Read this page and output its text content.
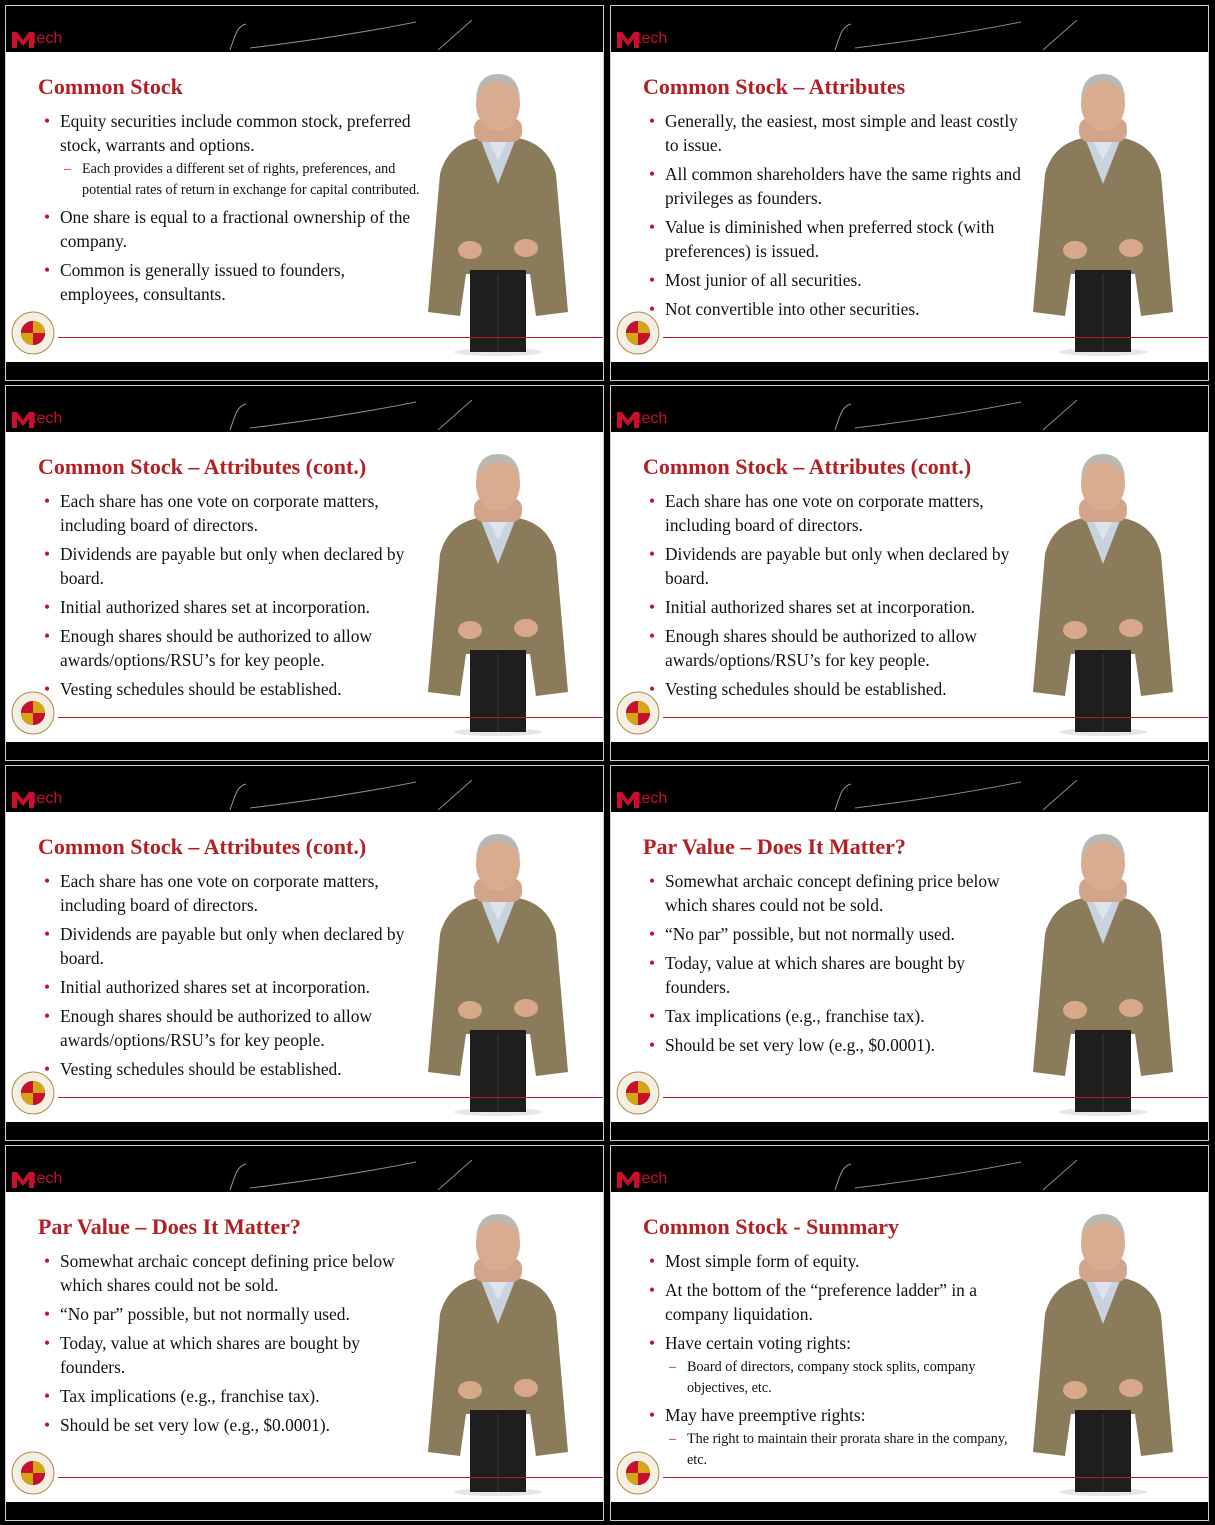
tech
Common Stock
• Equity securities include common stock, preferred stock, warrants and options.
– Each provides a different set of rights, preferences, and potential rates of return in exchange for capital contributed.
• One share is equal to a fractional ownership of the company.
• Common is generally issued to founders, employees, consultants.
tech
Common Stock – Attributes
• Generally, the easiest, most simple and least costly to issue.
• All common shareholders have the same rights and privileges as founders.
• Value is diminished when preferred stock (with preferences) is issued.
• Most junior of all securities.
• Not convertible into other securities.
tech
Common Stock – Attributes (cont.)
• Each share has one vote on corporate matters, including board of directors.
• Dividends are payable but only when declared by board.
• Initial authorized shares set at incorporation.
• Enough shares should be authorized to allow awards/options/RSU’s for key people.
• Vesting schedules should be established.
tech
Common Stock – Attributes (cont.)
• Each share has one vote on corporate matters, including board of directors.
• Dividends are payable but only when declared by board.
• Initial authorized shares set at incorporation.
• Enough shares should be authorized to allow awards/options/RSU’s for key people.
• Vesting schedules should be established.
tech
Common Stock – Attributes (cont.)
• Each share has one vote on corporate matters, including board of directors.
• Dividends are payable but only when declared by board.
• Initial authorized shares set at incorporation.
• Enough shares should be authorized to allow awards/options/RSU’s for key people.
• Vesting schedules should be established.
tech
Par Value – Does It Matter?
• Somewhat archaic concept defining price below which shares could not be sold.
• “No par” possible, but not normally used.
• Today, value at which shares are bought by founders.
• Tax implications (e.g., franchise tax).
• Should be set very low (e.g., $0.0001).
tech
Par Value – Does It Matter?
• Somewhat archaic concept defining price below which shares could not be sold.
• “No par” possible, but not normally used.
• Today, value at which shares are bought by founders.
• Tax implications (e.g., franchise tax).
• Should be set very low (e.g., $0.0001).
tech
Common Stock - Summary
• Most simple form of equity.
• At the bottom of the “preference ladder” in a company liquidation.
• Have certain voting rights:
– Board of directors, company stock splits, company objectives, etc.
• May have preemptive rights:
– The right to maintain their prorata share in the company, etc.
